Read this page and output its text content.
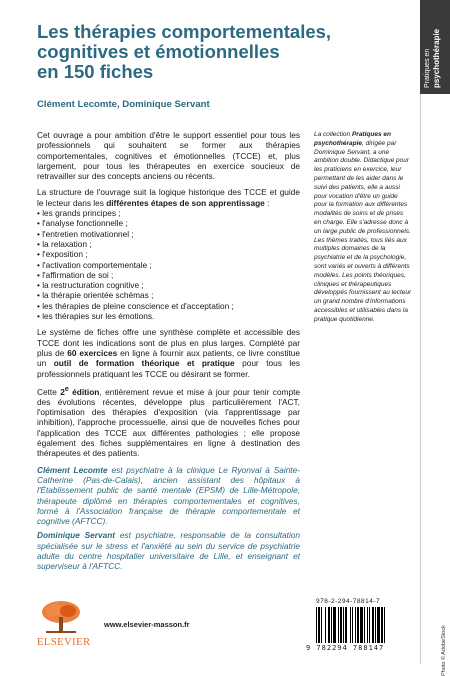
Les thérapies comportementales,
cognitives et émotionnelles
en 150 fiches
Clément Lecomte, Dominique Servant
Pratiques en psychothérapie

Cet ouvrage a pour ambition d'être le support essentiel pour tous les professionnels qui souhaitent se former aux thérapies comportementales, cognitives et émotionnelles (TCCE) et, plus largement, pour tous les thérapeutes en exercice soucieux de retravailler sur des concepts anciens ou récents.

La structure de l'ouvrage suit la logique historique des TCCE et guide le lecteur dans les différentes étapes de son apprentissage :

• les grands principes ;
• l'analyse fonctionnelle ;
• l'entretien motivationnel ;
• la relaxation ;
• l'exposition ;
• l'activation comportementale ;
• l'affirmation de soi ;
• la restructuration cognitive ;
• la thérapie orientée schémas ;
• les thérapies de pleine conscience et d'acceptation ;
• les thérapies sur les émotions.

Le système de fiches offre une synthèse complète et accessible des TCCE dont les indications sont de plus en plus larges. Complété par plus de 60 exercices en ligne à fournir aux patients, ce livre constitue un outil de formation théorique et pratique pour tous les professionnels pratiquant les TCCE ou désirant se former.

Cette 2e édition, entièrement revue et mise à jour pour tenir compte des évolutions récentes, développe plus particulièrement l'ACT, l'optimisation des thérapies d'exposition (via l'apprentissage par inhibition), l'approche processuelle, ainsi que de nouvelles fiches pour l'application des TCCE aux différentes pathologies ; elle propose également des fiches supplémentaires en ligne à destination des thérapeutes et des patients.

Clément Lecomte est psychiatre à la clinique Le Ryonval à Sainte-Catherine (Pas-de-Calais), ancien assistant des hôpitaux à l'Établissement public de santé mentale (EPSM) de Lille-Métropole, thérapeute diplômé en thérapies comportementales et cognitives, formé à l'Association française de thérapie comportementale et cognitive (AFTCC).

Dominique Servant est psychiatre, responsable de la consultation spécialisée sur le stress et l'anxiété au sein du service de psychiatrie adulte du centre hospitalier universitaire de Lille, et enseignant et superviseur à l'AFTCC.

La collection Pratiques en psychothérapie, dirigée par Dominique Servant, a une ambition double. Didactique pour les praticiens en exercice, leur permettant de les aider dans le suivi des patients, elle a aussi pour vocation d'être un guide pour la formation aux différentes modalités de soins et de prises en charge. Elle s'adresse donc à un large public de professionnels. Les thèmes traités, tous liés aux multiples domaines de la psychiatrie et de la psychologie, sont variés et ouverts à différents modèles. Les points théoriques, cliniques et thérapeutiques développés fournissent au lecteur un grand nombre d'informations accessibles et utilisables dans la pratique quotidienne.
978-2-294-78814-7
9 782294 788147	Photo © AdobeStock
ELSEVIER
www.elsevier-masson.fr
